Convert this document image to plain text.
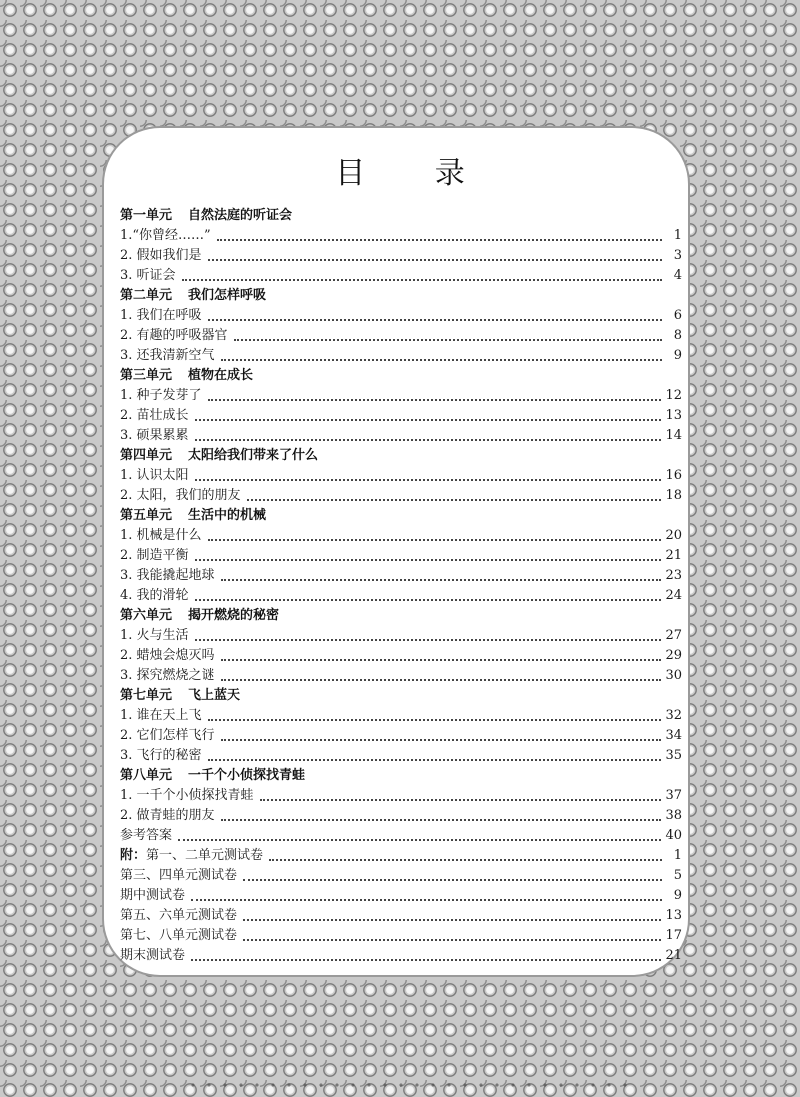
目 录
第一单元 自然法庭的听证会
1.“你曾经……”	1
2. 假如我们是	3
3. 听证会	4
第二单元 我们怎样呼吸
1. 我们在呼吸	6
2. 有趣的呼吸器官	8
3. 还我清新空气	9
第三单元 植物在成长
1. 种子发芽了	12
2. 苗壮成长	13
3. 硕果累累	14
第四单元 太阳给我们带来了什么
1. 认识太阳	16
2. 太阳，我们的朋友	18
第五单元 生活中的机械
1. 机械是什么	20
2. 制造平衡	21
3. 我能撬起地球	23
4. 我的滑轮	24
第六单元 揭开燃烧的秘密
1. 火与生活	27
2. 蜡烛会熄灭吗	29
3. 探究燃烧之谜	30
第七单元 飞上蓝天
1. 谁在天上飞	32
2. 它们怎样飞行	34
3. 飞行的秘密	35
第八单元 一千个小侦探找青蛙
1. 一千个小侦探找青蛙	37
2. 做青蛙的朋友	38
参考答案	40
附：第一、二单元测试卷	1
第三、四单元测试卷	5
期中测试卷	9
第五、六单元测试卷	13
第七、八单元测试卷	17
期末测试卷	21
